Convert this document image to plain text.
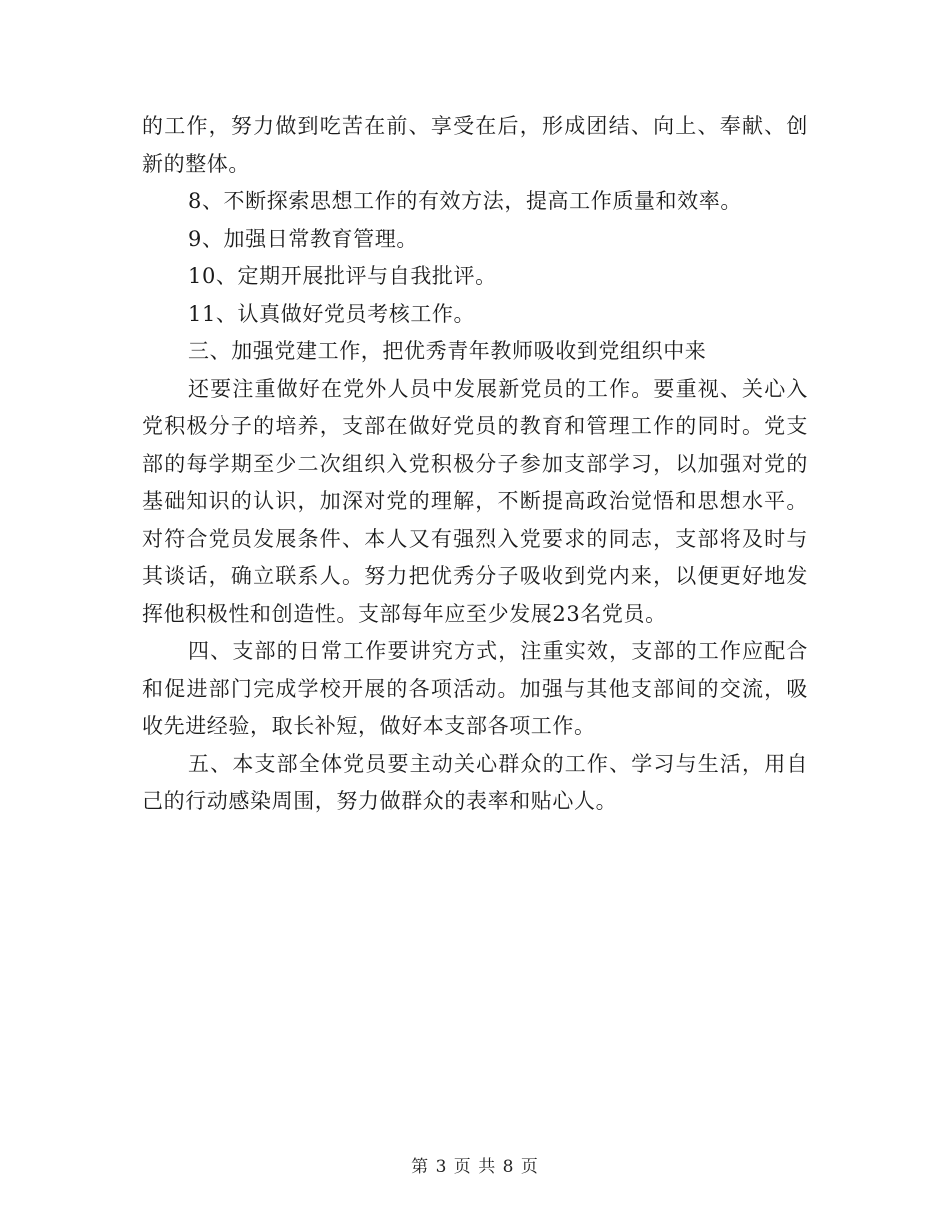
的工作，努力做到吃苦在前、享受在后，形成团结、向上、奉献、创新的整体。

8、不断探索思想工作的有效方法，提高工作质量和效率。

9、加强日常教育管理。

10、定期开展批评与自我批评。

11、认真做好党员考核工作。

三、加强党建工作，把优秀青年教师吸收到党组织中来

还要注重做好在党外人员中发展新党员的工作。要重视、关心入党积极分子的培养，支部在做好党员的教育和管理工作的同时。党支部的每学期至少二次组织入党积极分子参加支部学习，以加强对党的基础知识的认识，加深对党的理解，不断提高政治觉悟和思想水平。对符合党员发展条件、本人又有强烈入党要求的同志，支部将及时与其谈话，确立联系人。努力把优秀分子吸收到党内来，以便更好地发挥他积极性和创造性。支部每年应至少发展23名党员。

四、支部的日常工作要讲究方式，注重实效，支部的工作应配合和促进部门完成学校开展的各项活动。加强与其他支部间的交流，吸收先进经验，取长补短，做好本支部各项工作。

五、本支部全体党员要主动关心群众的工作、学习与生活，用自己的行动感染周围，努力做群众的表率和贴心人。

第 3 页 共 8 页
